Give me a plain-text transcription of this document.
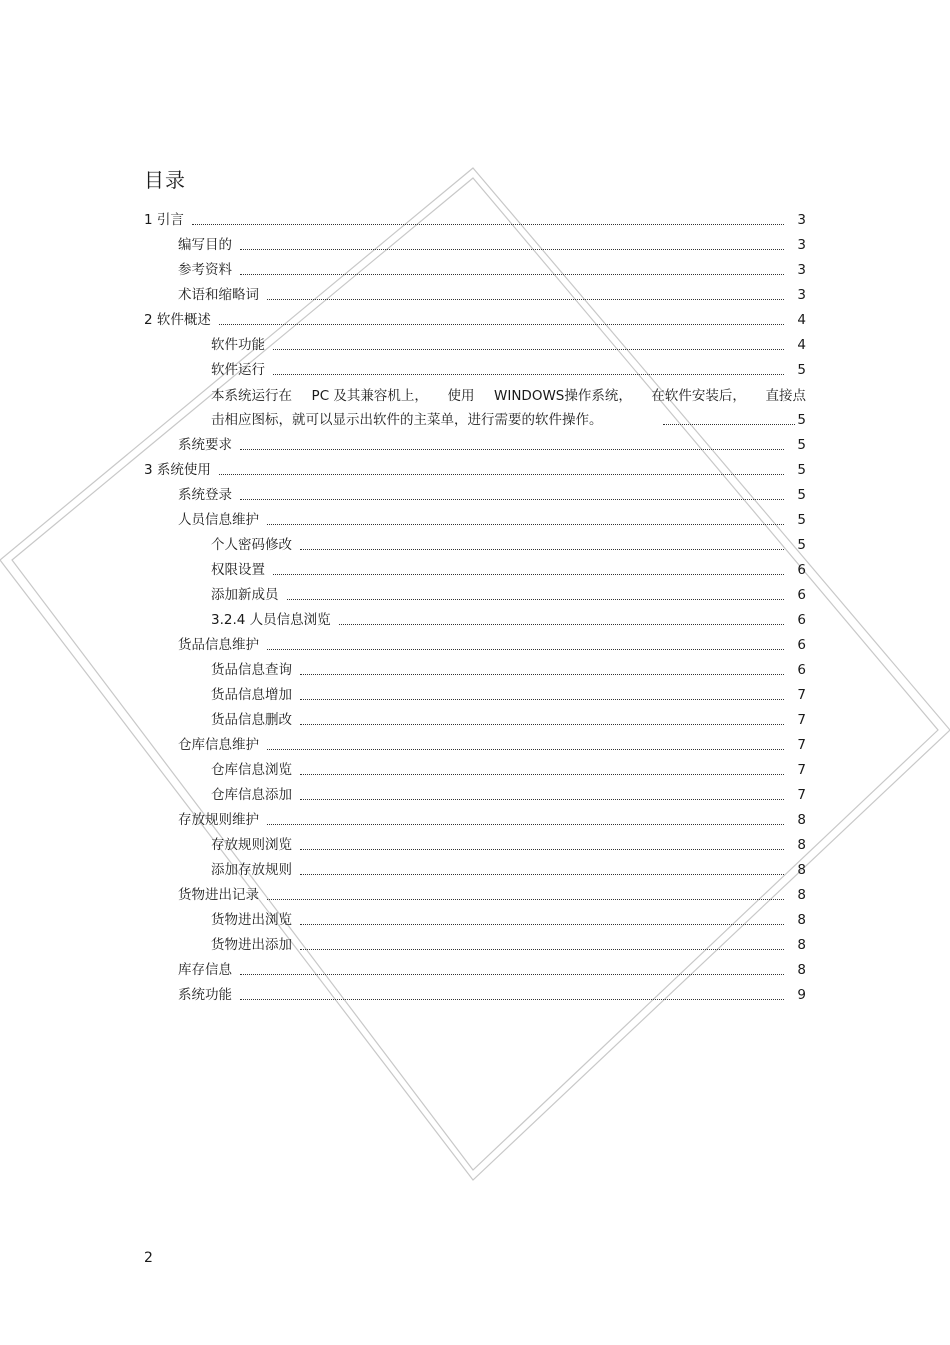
目录
1 引言	3
编写目的	3
参考资料	3
术语和缩略词	3
2 软件概述	4
软件功能	4
软件运行	5
本系统运行在 PC 及其兼容机上， 使用 WINDOWS操作系统， 在软件安装后， 直接点
击相应图标，就可以显示出软件的主菜单，进行需要的软件操作。	5
系统要求	5
3 系统使用	5
系统登录	5
人员信息维护	5
个人密码修改	5
权限设置	6
添加新成员	6
3.2.4 人员信息浏览	6
货品信息维护	6
货品信息查询	6
货品信息增加	7
货品信息删改	7
仓库信息维护	7
仓库信息浏览	7
仓库信息添加	7
存放规则维护	8
存放规则浏览	8
添加存放规则	8
货物进出记录	8
货物进出浏览	8
货物进出添加	8
库存信息	8
系统功能	9
2
